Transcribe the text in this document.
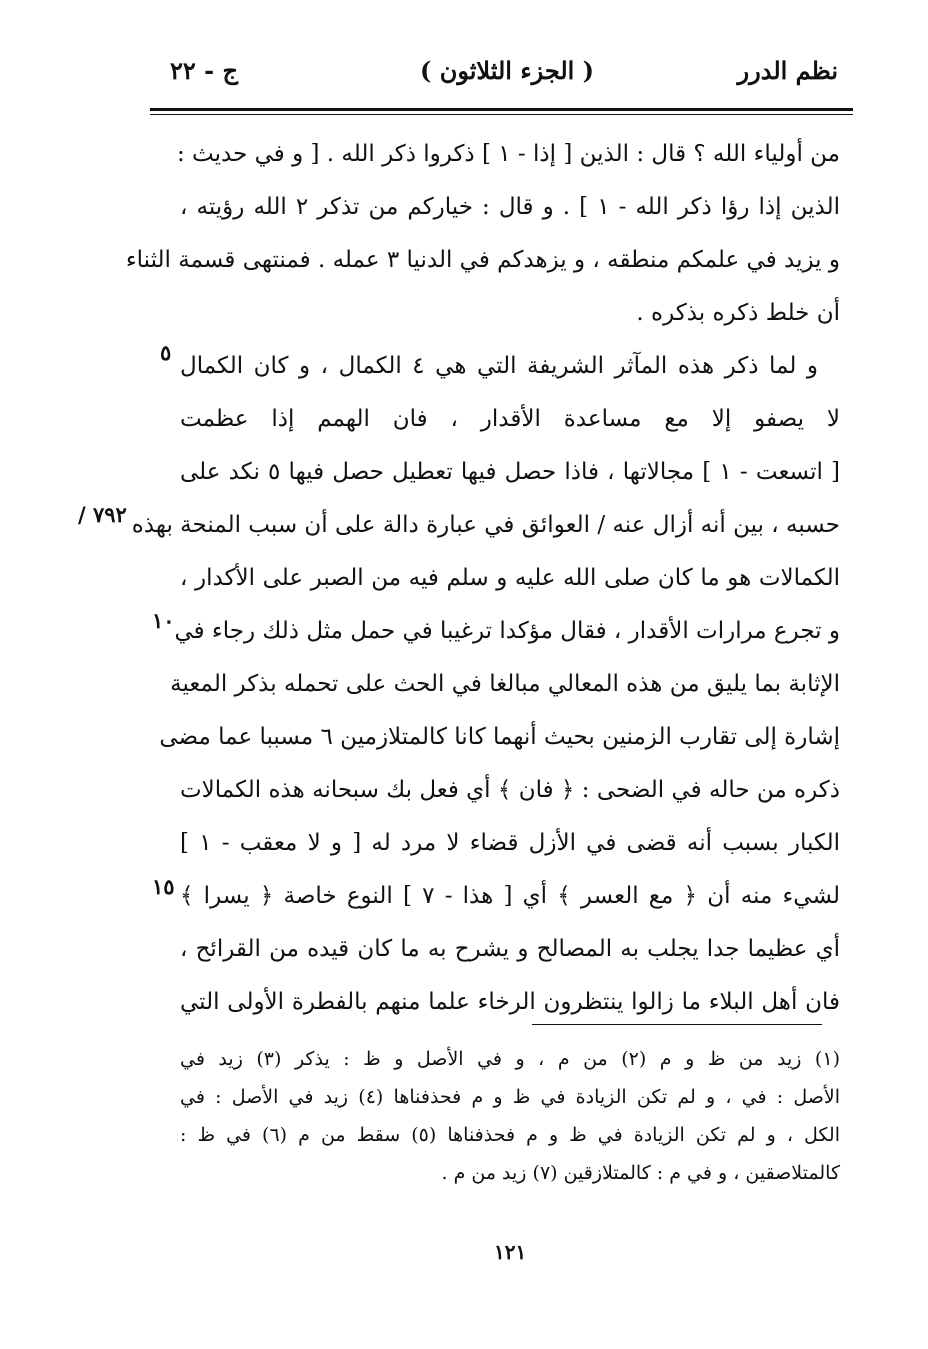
نظم الدرر
( الجزء الثلاثون )
ج - ٢٢
من أولياء الله ؟ قال : الذين [ إذا - ١ ] ذكروا ذكر الله . [ و في حديث :
الذين إذا رؤا ذكر الله - ١ ] . و قال : خياركم من تذكر ٢ الله رؤيته ،
و يزيد في علمكم منطقه ، و يزهدكم في الدنيا ٣ عمله . فمنتهى قسمة الثناء
أن خلط ذكره بذكره .
و لما ذكر هذه المآثر الشريفة التي هي ٤ الكمال ، و كان الكمال
لا يصفو إلا مع مساعدة الأقدار ، فان الهمم إذا عظمت
[ اتسعت - ١ ] مجالاتها ، فاذا حصل فيها تعطيل حصل فيها ٥ نكد على
حسبه ، بين أنه أزال عنه / العوائق في عبارة دالة على أن سبب المنحة بهذه
الكمالات هو ما كان صلى الله عليه و سلم فيه من الصبر على الأكدار ،
و تجرع مرارات الأقدار ، فقال مؤكدا ترغيبا في حمل مثل ذلك رجاء في
الإثابة بما يليق من هذه المعالي مبالغا في الحث على تحمله بذكر المعية
إشارة إلى تقارب الزمنين بحيث أنهما كانا كالمتلازمين ٦ مسببا عما مضى
ذكره من حاله في الضحى : ﴿ فان ﴾ أي فعل بك سبحانه هذه الكمالات
الكبار بسبب أنه قضى في الأزل قضاء لا مرد له [ و لا معقب - ١ ]
لشيء منه أن ﴿ مع العسر ﴾ أي [ هذا - ٧ ] النوع خاصة ﴿ يسرا ﴾
أي عظيما جدا يجلب به المصالح و يشرح به ما كان قيده من القرائح ،
فان أهل البلاء ما زالوا ينتظرون الرخاء علما منهم بالفطرة الأولى التي
٥
/ ٧٩٢
١٠
١٥
(١) زيد من ظ و م (٢) من م ، و في الأصل و ظ : يذكر (٣) زيد في
الأصل : في ، و لم تكن الزيادة في ظ و م فحذفناها (٤) زيد في الأصل : في
الكل ، و لم تكن الزيادة في ظ و م فحذفناها (٥) سقط من م (٦) في ظ :
كالمتلاصقين ، و في م : كالمتلازقين (٧) زيد من م .
١٢١
